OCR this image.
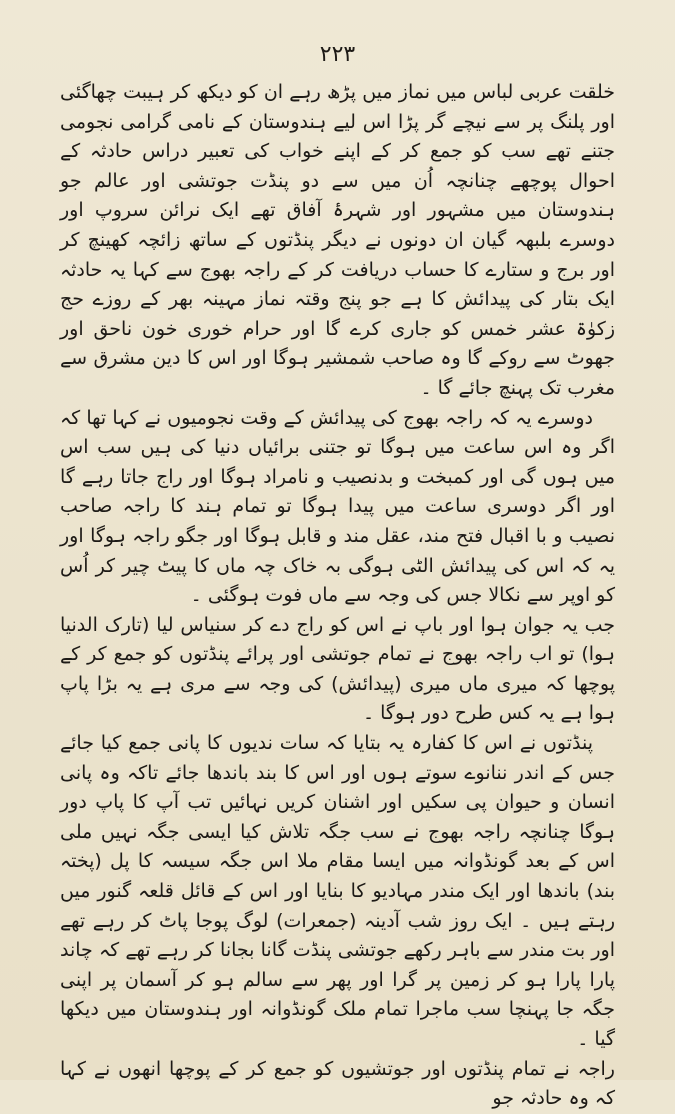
۲۲۳

خلقت عربی لباس میں نماز میں پڑھ رہے ان کو دیکھ کر ہیبت چھاگئی اور پلنگ پر سے نیچے گر پڑا اس لیے ہندوستان کے نامی گرامی نجومی جتنے تھے سب کو جمع کر کے اپنے خواب کی تعبیر دراس حادثہ کے احوال پوچھے چنانچہ اُن میں سے دو پنڈت جوتشی اور عالم جو ہندوستان میں مشہور اور شہرۂ آفاق تھے ایک نرائن سروپ اور دوسرے بلبھہ گیان ان دونوں نے دیگر پنڈتوں کے ساتھ زائچہ کھینچ کر اور برج و ستارے کا حساب دریافت کر کے راجہ بھوج سے کہا یہ حادثہ ایک بتار کی پیدائش کا ہے جو پنج وقتہ نماز مہینہ بھر کے روزے حج زکوٰۃ عشر خمس کو جاری کرے گا اور حرام خوری خون ناحق اور جھوٹ سے روکے گا وہ صاحب شمشیر ہوگا اور اس کا دین مشرق سے مغرب تک پہنچ جائے گا ۔

دوسرے یہ کہ راجہ بھوج کی پیدائش کے وقت نجومیوں نے کہا تھا کہ اگر وہ اس ساعت میں ہوگا تو جتنی برائیاں دنیا کی ہیں سب اس میں ہوں گی اور کمبخت و بدنصیب و نامراد ہوگا اور راج جاتا رہے گا اور اگر دوسری ساعت میں پیدا ہوگا تو تمام ہند کا راجہ صاحب نصیب و با اقبال فتح مند، عقل مند و قابل ہوگا اور جگو راجہ ہوگا اور یہ کہ اس کی پیدائش الٹی ہوگی بہ خاک چہ ماں کا پیٹ چیر کر اُس کو اوپر سے نکالا جس کی وجہ سے ماں فوت ہوگئی ۔

جب یہ جوان ہوا اور باپ نے اس کو راج دے کر سنیاس لیا (تارک الدنیا ہوا) تو اب راجہ بھوج نے تمام جوتشی اور پرائے پنڈتوں کو جمع کر کے پوچھا کہ میری ماں میری (پیدائش) کی وجہ سے مری ہے یہ بڑا پاپ ہوا ہے یہ کس طرح دور ہوگا ۔

پنڈتوں نے اس کا کفارہ یہ بتایا کہ سات ندیوں کا پانی جمع کیا جائے جس کے اندر ننانوے سوتے ہوں اور اس کا بند باندھا جائے تاکہ وہ پانی انسان و حیوان پی سکیں اور اشنان کریں نہائیں تب آپ کا پاپ دور ہوگا چنانچہ راجہ بھوج نے سب جگہ تلاش کیا ایسی جگہ نہیں ملی اس کے بعد گونڈوانہ میں ایسا مقام ملا اس جگہ سیسہ کا پل (پختہ بند) باندھا اور ایک مندر مہادیو کا بنایا اور اس کے قائل قلعہ گنور میں رہتے ہیں ۔ ایک روز شب آدینہ (جمعرات) لوگ پوجا پاٹ کر رہے تھے اور بت مندر سے باہر رکھے جوتشی پنڈت گانا بجانا کر رہے تھے کہ چاند پارا پارا ہو کر زمین پر گرا اور پھر سے سالم ہو کر آسمان پر اپنی جگہ جا پہنچا سب ماجرا تمام ملک گونڈوانہ اور ہندوستان میں دیکھا گیا ۔

راجہ نے تمام پنڈتوں اور جوتشیوں کو جمع کر کے پوچھا انھوں نے کہا کہ وہ حادثہ جو
